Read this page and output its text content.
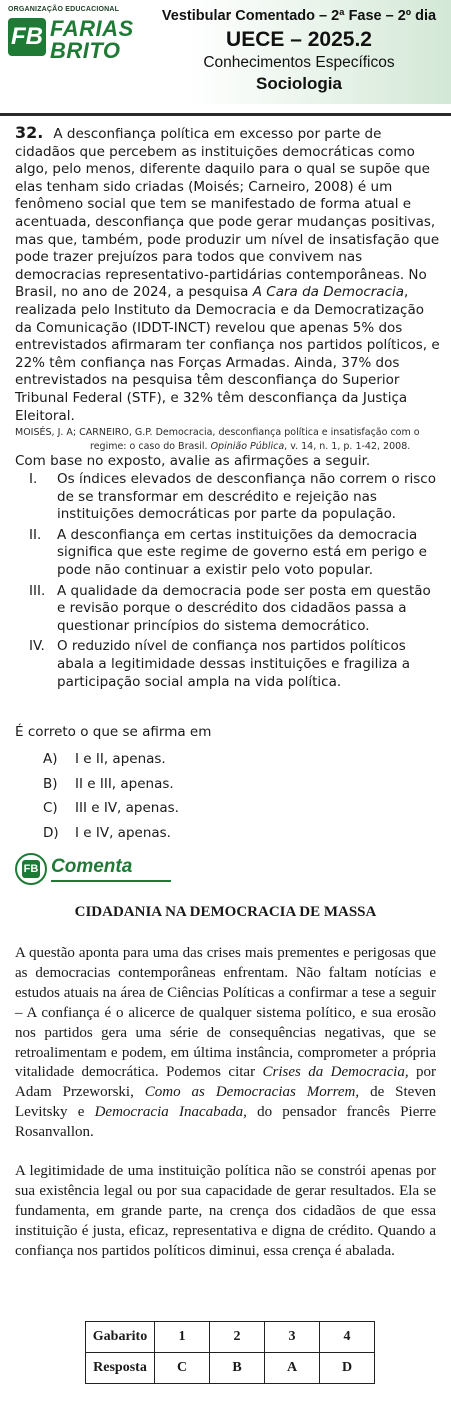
ORGANIZAÇÃO EDUCACIONAL
FB FARIAS
BRITO
Vestibular Comentado – 2ª Fase – 2º dia
UECE – 2025.2
Conhecimentos Específicos
Sociologia
32. A desconfiança política em excesso por parte de cidadãos que percebem as instituições democráticas como algo, pelo menos, diferente daquilo para o qual se supõe que elas tenham sido criadas (Moisés; Carneiro, 2008) é um fenômeno social que tem se manifestado de forma atual e acentuada, desconfiança que pode gerar mudanças positivas, mas que, também, pode produzir um nível de insatisfação que pode trazer prejuízos para todos que convivem nas democracias representativo-partidárias contemporâneas. No Brasil, no ano de 2024, a pesquisa A Cara da Democracia, realizada pelo Instituto da Democracia e da Democratização da Comunicação (IDDT-INCT) revelou que apenas 5% dos entrevistados afirmaram ter confiança nos partidos políticos, e 22% têm confiança nas Forças Armadas. Ainda, 37% dos entrevistados na pesquisa têm desconfiança do Superior Tribunal Federal (STF), e 32% têm desconfiança da Justiça Eleitoral.
MOISÉS, J. A; CARNEIRO, G.P. Democracia, desconfiança política e insatisfação com o
regime: o caso do Brasil. Opinião Pública, v. 14, n. 1, p. 1-42, 2008.
Com base no exposto, avalie as afirmações a seguir.
I.	Os índices elevados de desconfiança não correm o risco de se transformar em descrédito e rejeição nas instituições democráticas por parte da população.
II.	A desconfiança em certas instituições da democracia significa que este regime de governo está em perigo e pode não continuar a existir pelo voto popular.
III. A qualidade da democracia pode ser posta em questão e revisão porque o descrédito dos cidadãos passa a questionar princípios do sistema democrático.
IV. O reduzido nível de confiança nos partidos políticos abala a legitimidade dessas instituições e fragiliza a participação social ampla na vida política.
É correto o que se afirma em
A)	I e II, apenas.
B)	II e III, apenas.
C)	III e IV, apenas.
D)	I e IV, apenas.
FB Comenta
CIDADANIA NA DEMOCRACIA DE MASSA
A questão aponta para uma das crises mais prementes e perigosas que as democracias contemporâneas enfrentam. Não faltam notícias e estudos atuais na área de Ciências Políticas a confirmar a tese a seguir – A confiança é o alicerce de qualquer sistema político, e sua erosão nos partidos gera uma série de consequências negativas, que se retroalimentam e podem, em última instância, comprometer a própria vitalidade democrática. Podemos citar Crises da Democracia, por Adam Przeworski, Como as Democracias Morrem, de Steven Levitsky e Democracia Inacabada, do pensador francês Pierre Rosanvallon.
A legitimidade de uma instituição política não se constrói apenas por sua existência legal ou por sua capacidade de gerar resultados. Ela se fundamenta, em grande parte, na crença dos cidadãos de que essa instituição é justa, eficaz, representativa e digna de crédito. Quando a confiança nos partidos políticos diminui, essa crença é abalada.
Gabarito	1	2	3	4
Resposta	C	B	A	D
